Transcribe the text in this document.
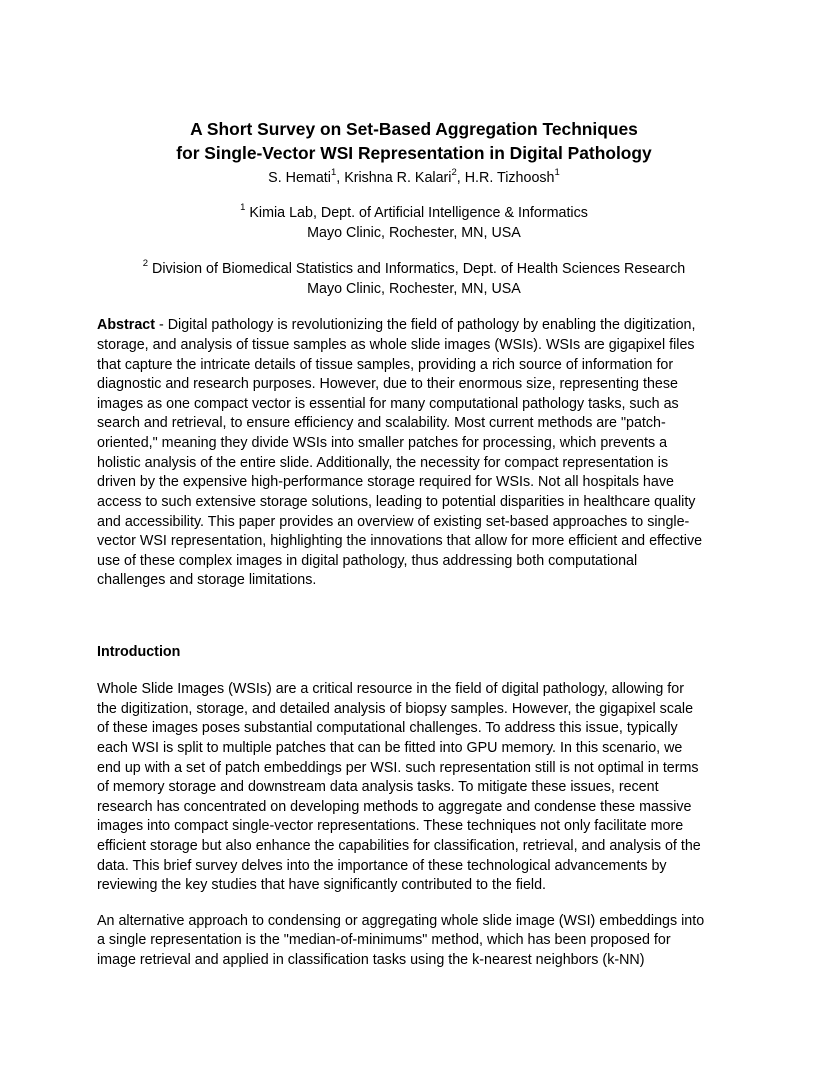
A Short Survey on Set-Based Aggregation Techniques
for Single-Vector WSI Representation in Digital Pathology
S. Hemati$^1$, Krishna R. Kalari$^2$, H.R. Tizhoosh$^1$
$^1$ Kimia Lab, Dept. of Artificial Intelligence & Informatics
Mayo Clinic, Rochester, MN, USA
$^2$ Division of Biomedical Statistics and Informatics, Dept. of Health Sciences Research
Mayo Clinic, Rochester, MN, USA
Abstract - Digital pathology is revolutionizing the field of pathology by enabling the digitization,
storage, and analysis of tissue samples as whole slide images (WSIs). WSIs are gigapixel files
that capture the intricate details of tissue samples, providing a rich source of information for
diagnostic and research purposes. However, due to their enormous size, representing these
images as one compact vector is essential for many computational pathology tasks, such as
search and retrieval, to ensure efficiency and scalability. Most current methods are "patch-
oriented," meaning they divide WSIs into smaller patches for processing, which prevents a
holistic analysis of the entire slide. Additionally, the necessity for compact representation is
driven by the expensive high-performance storage required for WSIs. Not all hospitals have
access to such extensive storage solutions, leading to potential disparities in healthcare quality
and accessibility. This paper provides an overview of existing set-based approaches to single-
vector WSI representation, highlighting the innovations that allow for more efficient and effective
use of these complex images in digital pathology, thus addressing both computational
challenges and storage limitations.
Introduction
Whole Slide Images (WSIs) are a critical resource in the field of digital pathology, allowing for
the digitization, storage, and detailed analysis of biopsy samples. However, the gigapixel scale
of these images poses substantial computational challenges. To address this issue, typically
each WSI is split to multiple patches that can be fitted into GPU memory. In this scenario, we
end up with a set of patch embeddings per WSI. such representation still is not optimal in terms
of memory storage and downstream data analysis tasks. To mitigate these issues, recent
research has concentrated on developing methods to aggregate and condense these massive
images into compact single-vector representations. These techniques not only facilitate more
efficient storage but also enhance the capabilities for classification, retrieval, and analysis of the
data. This brief survey delves into the importance of these technological advancements by
reviewing the key studies that have significantly contributed to the field.
An alternative approach to condensing or aggregating whole slide image (WSI) embeddings into
a single representation is the "median-of-minimums" method, which has been proposed for
image retrieval and applied in classification tasks using the k-nearest neighbors (k-NN)
